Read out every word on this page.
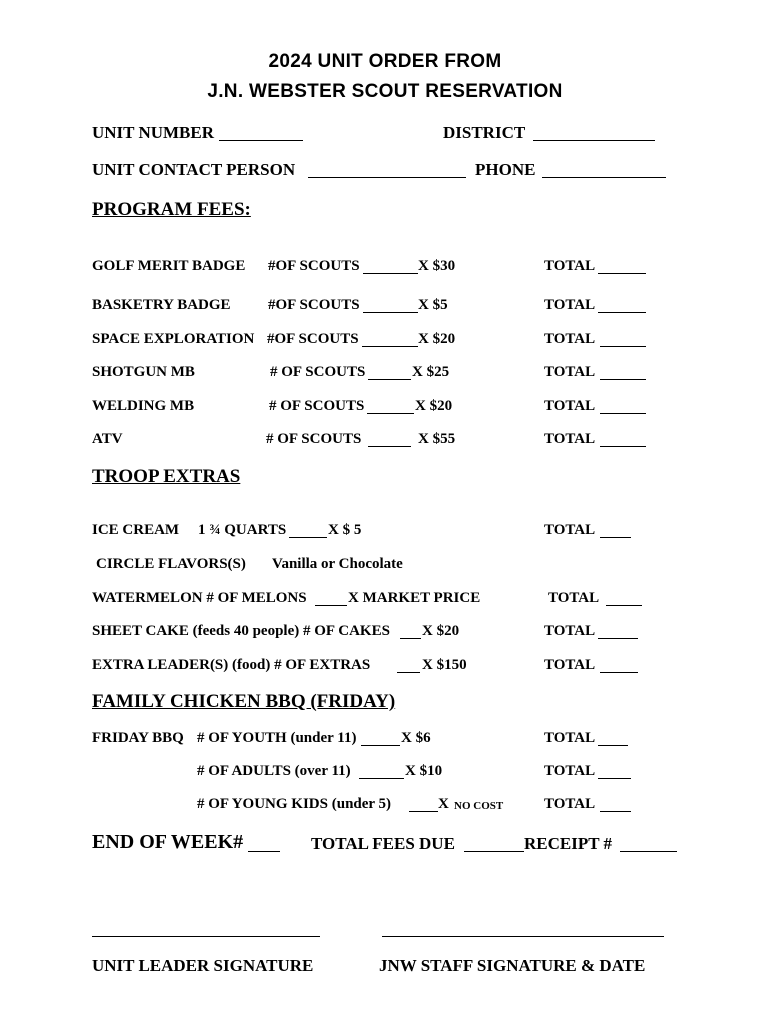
2024 UNIT ORDER FROM
J.N. WEBSTER SCOUT RESERVATION
UNIT NUMBER	DISTRICT
UNIT CONTACT PERSON	PHONE
PROGRAM FEES:
GOLF MERIT BADGE #OF SCOUTS	X $30	TOTAL
BASKETRY BADGE #OF SCOUTS	X $5	TOTAL
SPACE EXPLORATION #OF SCOUTS	X $20	TOTAL
SHOTGUN MB	# OF SCOUTS	X $25	TOTAL
WELDING MB	# OF SCOUTS	X $20	TOTAL
ATV	# OF SCOUTS	X $55	TOTAL
TROOP EXTRAS
ICE CREAM 1 ¾ QUARTS	X $ 5	TOTAL
CIRCLE FLAVORS(S) Vanilla or Chocolate
WATERMELON # OF MELONS	X MARKET PRICE	TOTAL
SHEET CAKE (feeds 40 people) # OF CAKES X $20	TOTAL
EXTRA LEADER(S) (food) # OF EXTRAS	X $150	TOTAL
FAMILY CHICKEN BBQ (FRIDAY)
FRIDAY BBQ # OF YOUTH (under 11)	X $6	TOTAL
# OF ADULTS (over 11)	X $10	TOTAL
# OF YOUNG KIDS (under 5)	X NO COST	TOTAL
END OF WEEK#	TOTAL FEES DUE	RECEIPT #
UNIT LEADER SIGNATURE	JNW STAFF SIGNATURE & DATE
